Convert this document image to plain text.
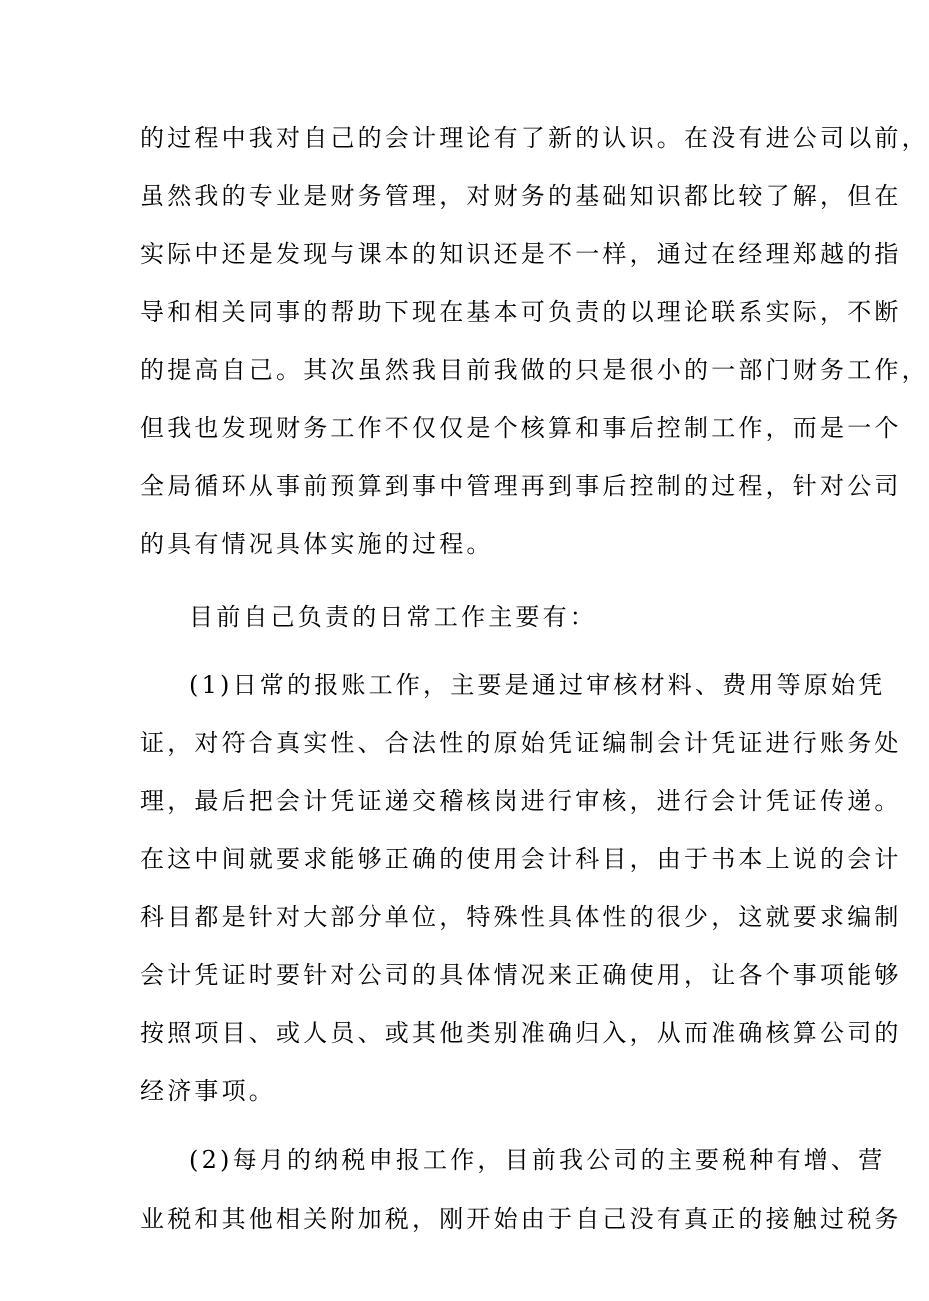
的过程中我对自己的会计理论有了新的认识。在没有进公司以前，
虽然我的专业是财务管理，对财务的基础知识都比较了解，但在
实际中还是发现与课本的知识还是不一样，通过在经理郑越的指
导和相关同事的帮助下现在基本可负责的以理论联系实际，不断
的提高自己。其次虽然我目前我做的只是很小的一部门财务工作，
但我也发现财务工作不仅仅是个核算和事后控制工作，而是一个
全局循环从事前预算到事中管理再到事后控制的过程，针对公司
的具有情况具体实施的过程。
目前自己负责的日常工作主要有：
(1)日常的报账工作，主要是通过审核材料、费用等原始凭
证，对符合真实性、合法性的原始凭证编制会计凭证进行账务处
理，最后把会计凭证递交稽核岗进行审核，进行会计凭证传递。
在这中间就要求能够正确的使用会计科目，由于书本上说的会计
科目都是针对大部分单位，特殊性具体性的很少，这就要求编制
会计凭证时要针对公司的具体情况来正确使用，让各个事项能够
按照项目、或人员、或其他类别准确归入，从而准确核算公司的
经济事项。
(2)每月的纳税申报工作，目前我公司的主要税种有增、营
业税和其他相关附加税，刚开始由于自己没有真正的接触过税务
